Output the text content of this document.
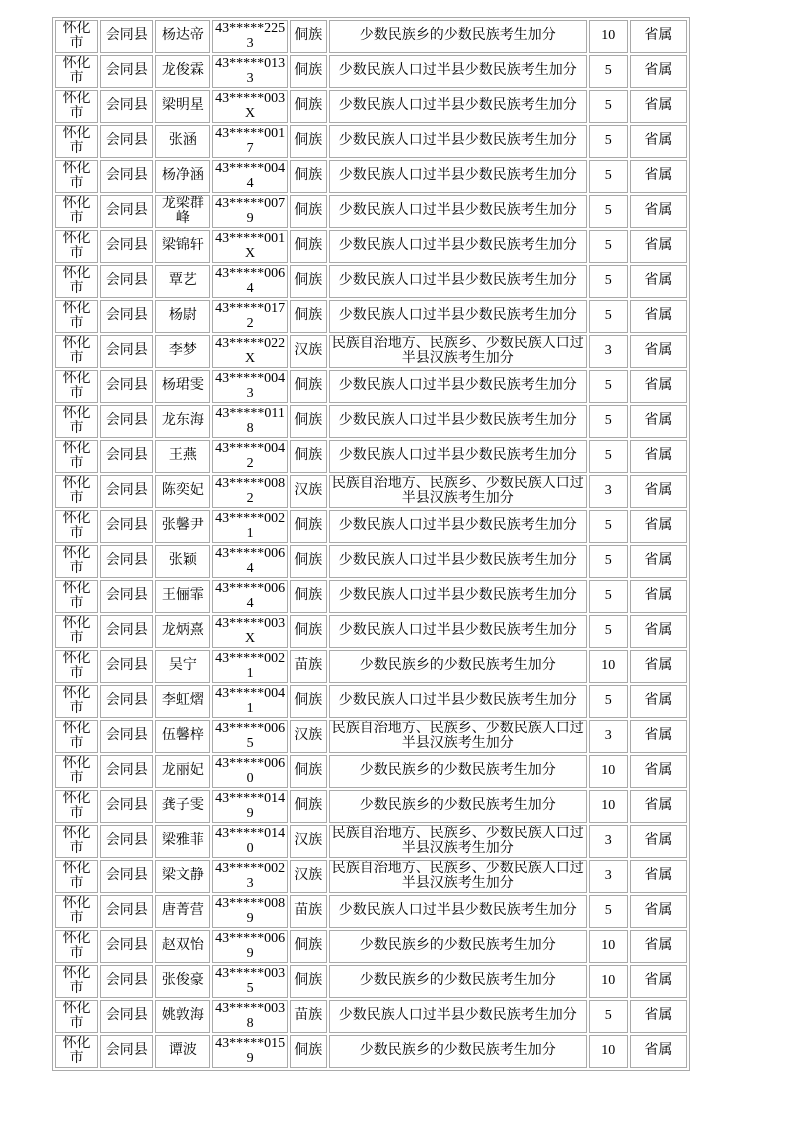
怀化市	会同县	杨达帝	43*****2253	侗族	少数民族乡的少数民族考生加分	10	省属
怀化市	会同县	龙俊霖	43*****0133	侗族	少数民族人口过半县少数民族考生加分	5	省属
怀化市	会同县	梁明星	43*****003X	侗族	少数民族人口过半县少数民族考生加分	5	省属
怀化市	会同县	张涵	43*****0017	侗族	少数民族人口过半县少数民族考生加分	5	省属
怀化市	会同县	杨净涵	43*****0044	侗族	少数民族人口过半县少数民族考生加分	5	省属
怀化市	会同县	龙梁群峰	43*****0079	侗族	少数民族人口过半县少数民族考生加分	5	省属
怀化市	会同县	梁锦轩	43*****001X	侗族	少数民族人口过半县少数民族考生加分	5	省属
怀化市	会同县	覃艺	43*****0064	侗族	少数民族人口过半县少数民族考生加分	5	省属
怀化市	会同县	杨尉	43*****0172	侗族	少数民族人口过半县少数民族考生加分	5	省属
怀化市	会同县	李梦	43*****022X	汉族	民族自治地方、民族乡、少数民族人口过半县汉族考生加分	3	省属
怀化市	会同县	杨珺雯	43*****0043	侗族	少数民族人口过半县少数民族考生加分	5	省属
怀化市	会同县	龙东海	43*****0118	侗族	少数民族人口过半县少数民族考生加分	5	省属
怀化市	会同县	王燕	43*****0042	侗族	少数民族人口过半县少数民族考生加分	5	省属
怀化市	会同县	陈奕妃	43*****0082	汉族	民族自治地方、民族乡、少数民族人口过半县汉族考生加分	3	省属
怀化市	会同县	张馨尹	43*****0021	侗族	少数民族人口过半县少数民族考生加分	5	省属
怀化市	会同县	张颖	43*****0064	侗族	少数民族人口过半县少数民族考生加分	5	省属
怀化市	会同县	王俪霏	43*****0064	侗族	少数民族人口过半县少数民族考生加分	5	省属
怀化市	会同县	龙炳熹	43*****003X	侗族	少数民族人口过半县少数民族考生加分	5	省属
怀化市	会同县	吴宁	43*****0021	苗族	少数民族乡的少数民族考生加分	10	省属
怀化市	会同县	李虹熠	43*****0041	侗族	少数民族人口过半县少数民族考生加分	5	省属
怀化市	会同县	伍馨梓	43*****0065	汉族	民族自治地方、民族乡、少数民族人口过半县汉族考生加分	3	省属
怀化市	会同县	龙丽妃	43*****0060	侗族	少数民族乡的少数民族考生加分	10	省属
怀化市	会同县	龚子雯	43*****0149	侗族	少数民族乡的少数民族考生加分	10	省属
怀化市	会同县	梁雅菲	43*****0140	汉族	民族自治地方、民族乡、少数民族人口过半县汉族考生加分	3	省属
怀化市	会同县	梁文静	43*****0023	汉族	民族自治地方、民族乡、少数民族人口过半县汉族考生加分	3	省属
怀化市	会同县	唐菁营	43*****0089	苗族	少数民族人口过半县少数民族考生加分	5	省属
怀化市	会同县	赵双怡	43*****0069	侗族	少数民族乡的少数民族考生加分	10	省属
怀化市	会同县	张俊豪	43*****0035	侗族	少数民族乡的少数民族考生加分	10	省属
怀化市	会同县	姚敦海	43*****0038	苗族	少数民族人口过半县少数民族考生加分	5	省属
怀化市	会同县	谭波	43*****0159	侗族	少数民族乡的少数民族考生加分	10	省属
